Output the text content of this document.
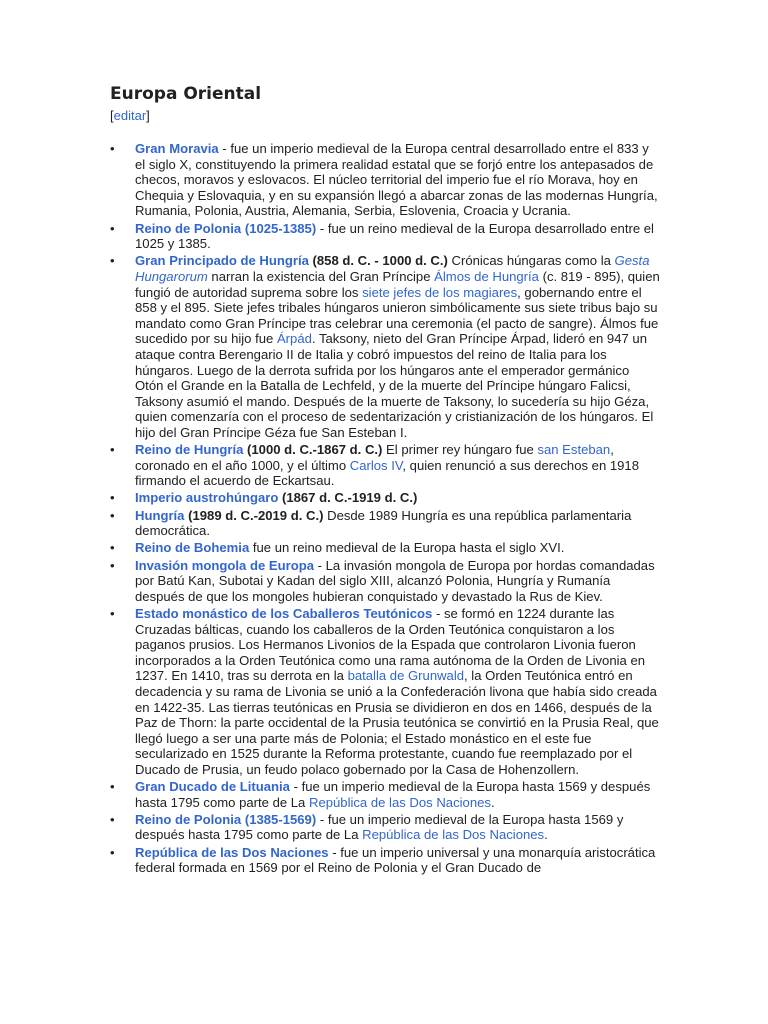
Europa Oriental
[editar]
• Gran Moravia - fue un imperio medieval de la Europa central desarrollado entre el 833 y el siglo X, constituyendo la primera realidad estatal que se forjó entre los antepasados de checos, moravos y eslovacos. El núcleo territorial del imperio fue el río Morava, hoy en Chequia y Eslovaquia, y en su expansión llegó a abarcar zonas de las modernas Hungría, Rumania, Polonia, Austria, Alemania, Serbia, Eslovenia, Croacia y Ucrania.
• Reino de Polonia (1025-1385) - fue un reino medieval de la Europa desarrollado entre el 1025 y 1385.
• Gran Principado de Hungría (858 d. C. - 1000 d. C.) Crónicas húngaras como la Gesta Hungarorum narran la existencia del Gran Príncipe Álmos de Hungría (c. 819 - 895), quien fungió de autoridad suprema sobre los siete jefes de los magiares, gobernando entre el 858 y el 895. Siete jefes tribales húngaros unieron simbólicamente sus siete tribus bajo su mandato como Gran Príncipe tras celebrar una ceremonia (el pacto de sangre). Álmos fue sucedido por su hijo fue Árpád. Taksony, nieto del Gran Príncipe Árpad, lideró en 947 un ataque contra Berengario II de Italia y cobró impuestos del reino de Italia para los húngaros. Luego de la derrota sufrida por los húngaros ante el emperador germánico Otón el Grande en la Batalla de Lechfeld, y de la muerte del Príncipe húngaro Falicsi, Taksony asumió el mando. Después de la muerte de Taksony, lo sucedería su hijo Géza, quien comenzaría con el proceso de sedentarización y cristianización de los húngaros. El hijo del Gran Príncipe Géza fue San Esteban I.
• Reino de Hungría (1000 d. C.-1867 d. C.) El primer rey húngaro fue san Esteban, coronado en el año 1000, y el último Carlos IV, quien renunció a sus derechos en 1918 firmando el acuerdo de Eckartsau.
• Imperio austrohúngaro (1867 d. C.-1919 d. C.)
• Hungría (1989 d. C.-2019 d. C.) Desde 1989 Hungría es una república parlamentaria democrática.
• Reino de Bohemia fue un reino medieval de la Europa hasta el siglo XVI.
• Invasión mongola de Europa - La invasión mongola de Europa por hordas comandadas por Batú Kan, Subotai y Kadan del siglo XIII, alcanzó Polonia, Hungría y Rumanía después de que los mongoles hubieran conquistado y devastado la Rus de Kiev.
• Estado monástico de los Caballeros Teutónicos - se formó en 1224 durante las Cruzadas bálticas, cuando los caballeros de la Orden Teutónica conquistaron a los paganos prusios. Los Hermanos Livonios de la Espada que controlaron Livonia fueron incorporados a la Orden Teutónica como una rama autónoma de la Orden de Livonia en 1237. En 1410, tras su derrota en la batalla de Grunwald, la Orden Teutónica entró en decadencia y su rama de Livonia se unió a la Confederación livona que había sido creada en 1422-35. Las tierras teutónicas en Prusia se dividieron en dos en 1466, después de la Paz de Thorn: la parte occidental de la Prusia teutónica se convirtió en la Prusia Real, que llegó luego a ser una parte más de Polonia; el Estado monástico en el este fue secularizado en 1525 durante la Reforma protestante, cuando fue reemplazado por el Ducado de Prusia, un feudo polaco gobernado por la Casa de Hohenzollern.
• Gran Ducado de Lituania - fue un imperio medieval de la Europa hasta 1569 y después hasta 1795 como parte de La República de las Dos Naciones.
• Reino de Polonia (1385-1569) - fue un imperio medieval de la Europa hasta 1569 y después hasta 1795 como parte de La República de las Dos Naciones.
• República de las Dos Naciones - fue un imperio universal y una monarquía aristocrática federal formada en 1569 por el Reino de Polonia y el Gran Ducado de
